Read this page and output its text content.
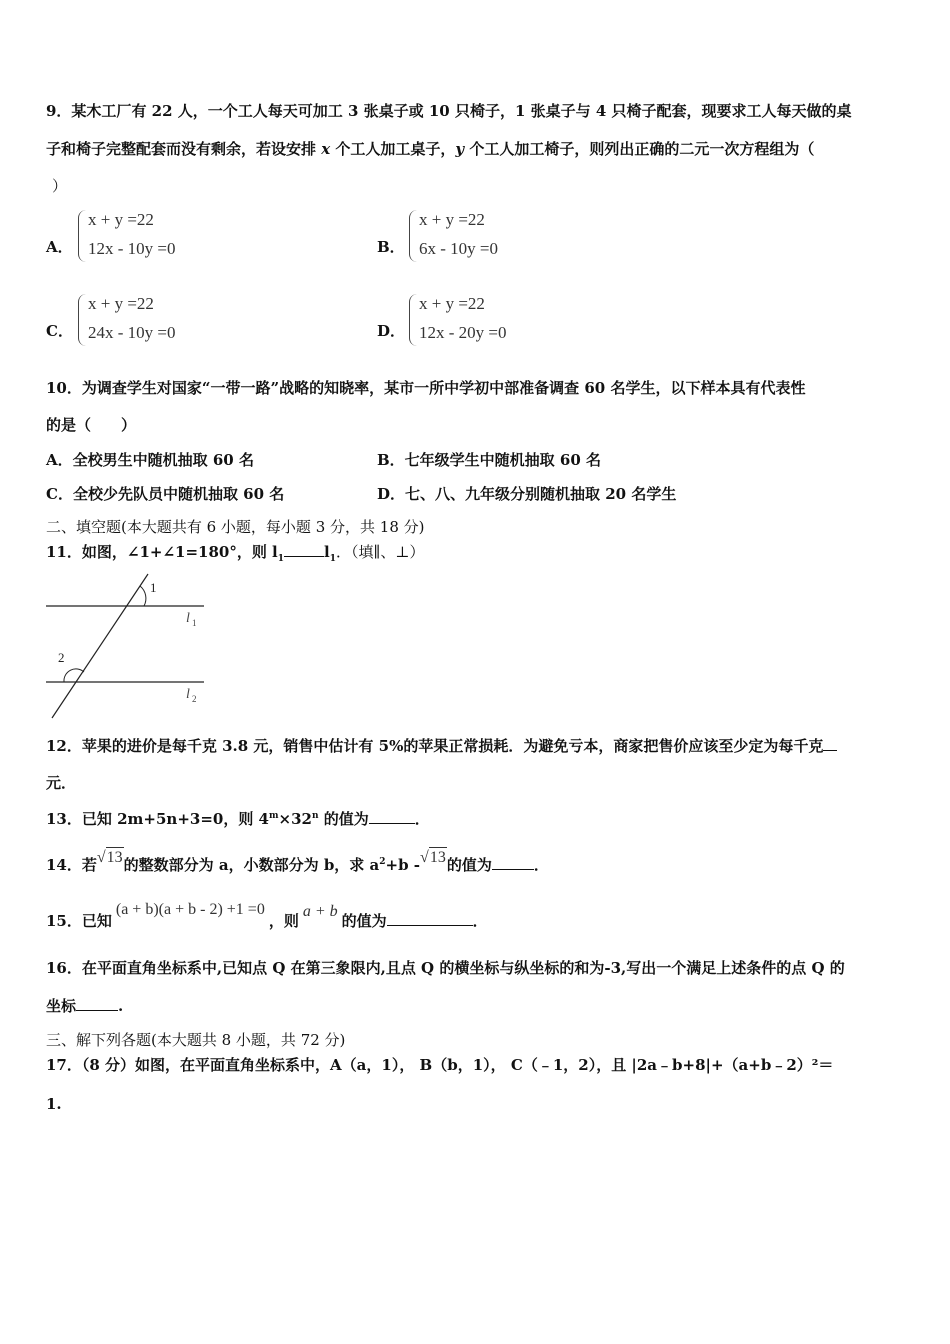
9．某木工厂有 22 人，一个工人每天可加工 3 张桌子或 10 只椅子，1 张桌子与 4 只椅子配套，现要求工人每天做的桌
子和椅子完整配套而没有剩余，若设安排 x 个工人加工桌子，y 个工人加工椅子，则列出正确的二元一次方程组为（
）
A．
x + y =22
12x - 10y =0	B．
x + y =22
6x - 10y =0
C．
x + y =22
24x - 10y =0	D．
x + y =22
12x - 20y =0
10．为调查学生对国家“一带一路”战略的知晓率，某市一所中学初中部准备调查 60 名学生，以下样本具有代表性
的是（　　）
A．全校男生中随机抽取 60 名	B．七年级学生中随机抽取 60 名
C．全校少先队员中随机抽取 60 名	D．七、八、九年级分别随机抽取 20 名学生
二、填空题(本大题共有 6 小题，每小题 3 分，共 18 分)
11．如图，∠1+∠1=180°，则 $l_1$	$l_1$．（填∥、⊥）
1
2
l 1
l 2
12．苹果的进价是每千克 3.8 元，销售中估计有 5%的苹果正常损耗．为避免亏本，商家把售价应该至少定为每千克
元．
13．已知 2m+5n+3=0，则 $4^m\times 32^n$ 的值为	．
14．若√13的整数部分为 a，小数部分为 b，求 $a^2+b$ -√13的值为	．
15．已知(a + b)(a + b - 2) +1 =0，则a + b的值为	．
16．在平面直角坐标系中,已知点 Q 在第三象限内,且点 Q 的横坐标与纵坐标的和为-3,写出一个满足上述条件的点 Q 的
坐标	.
三、解下列各题(本大题共 8 小题，共 72 分)
17．（8 分）如图，在平面直角坐标系中，A（a，1）， B（b，1）， C（﹣1，2），且 |2a﹣b+8|+（a+b﹣2）²＝
1.
